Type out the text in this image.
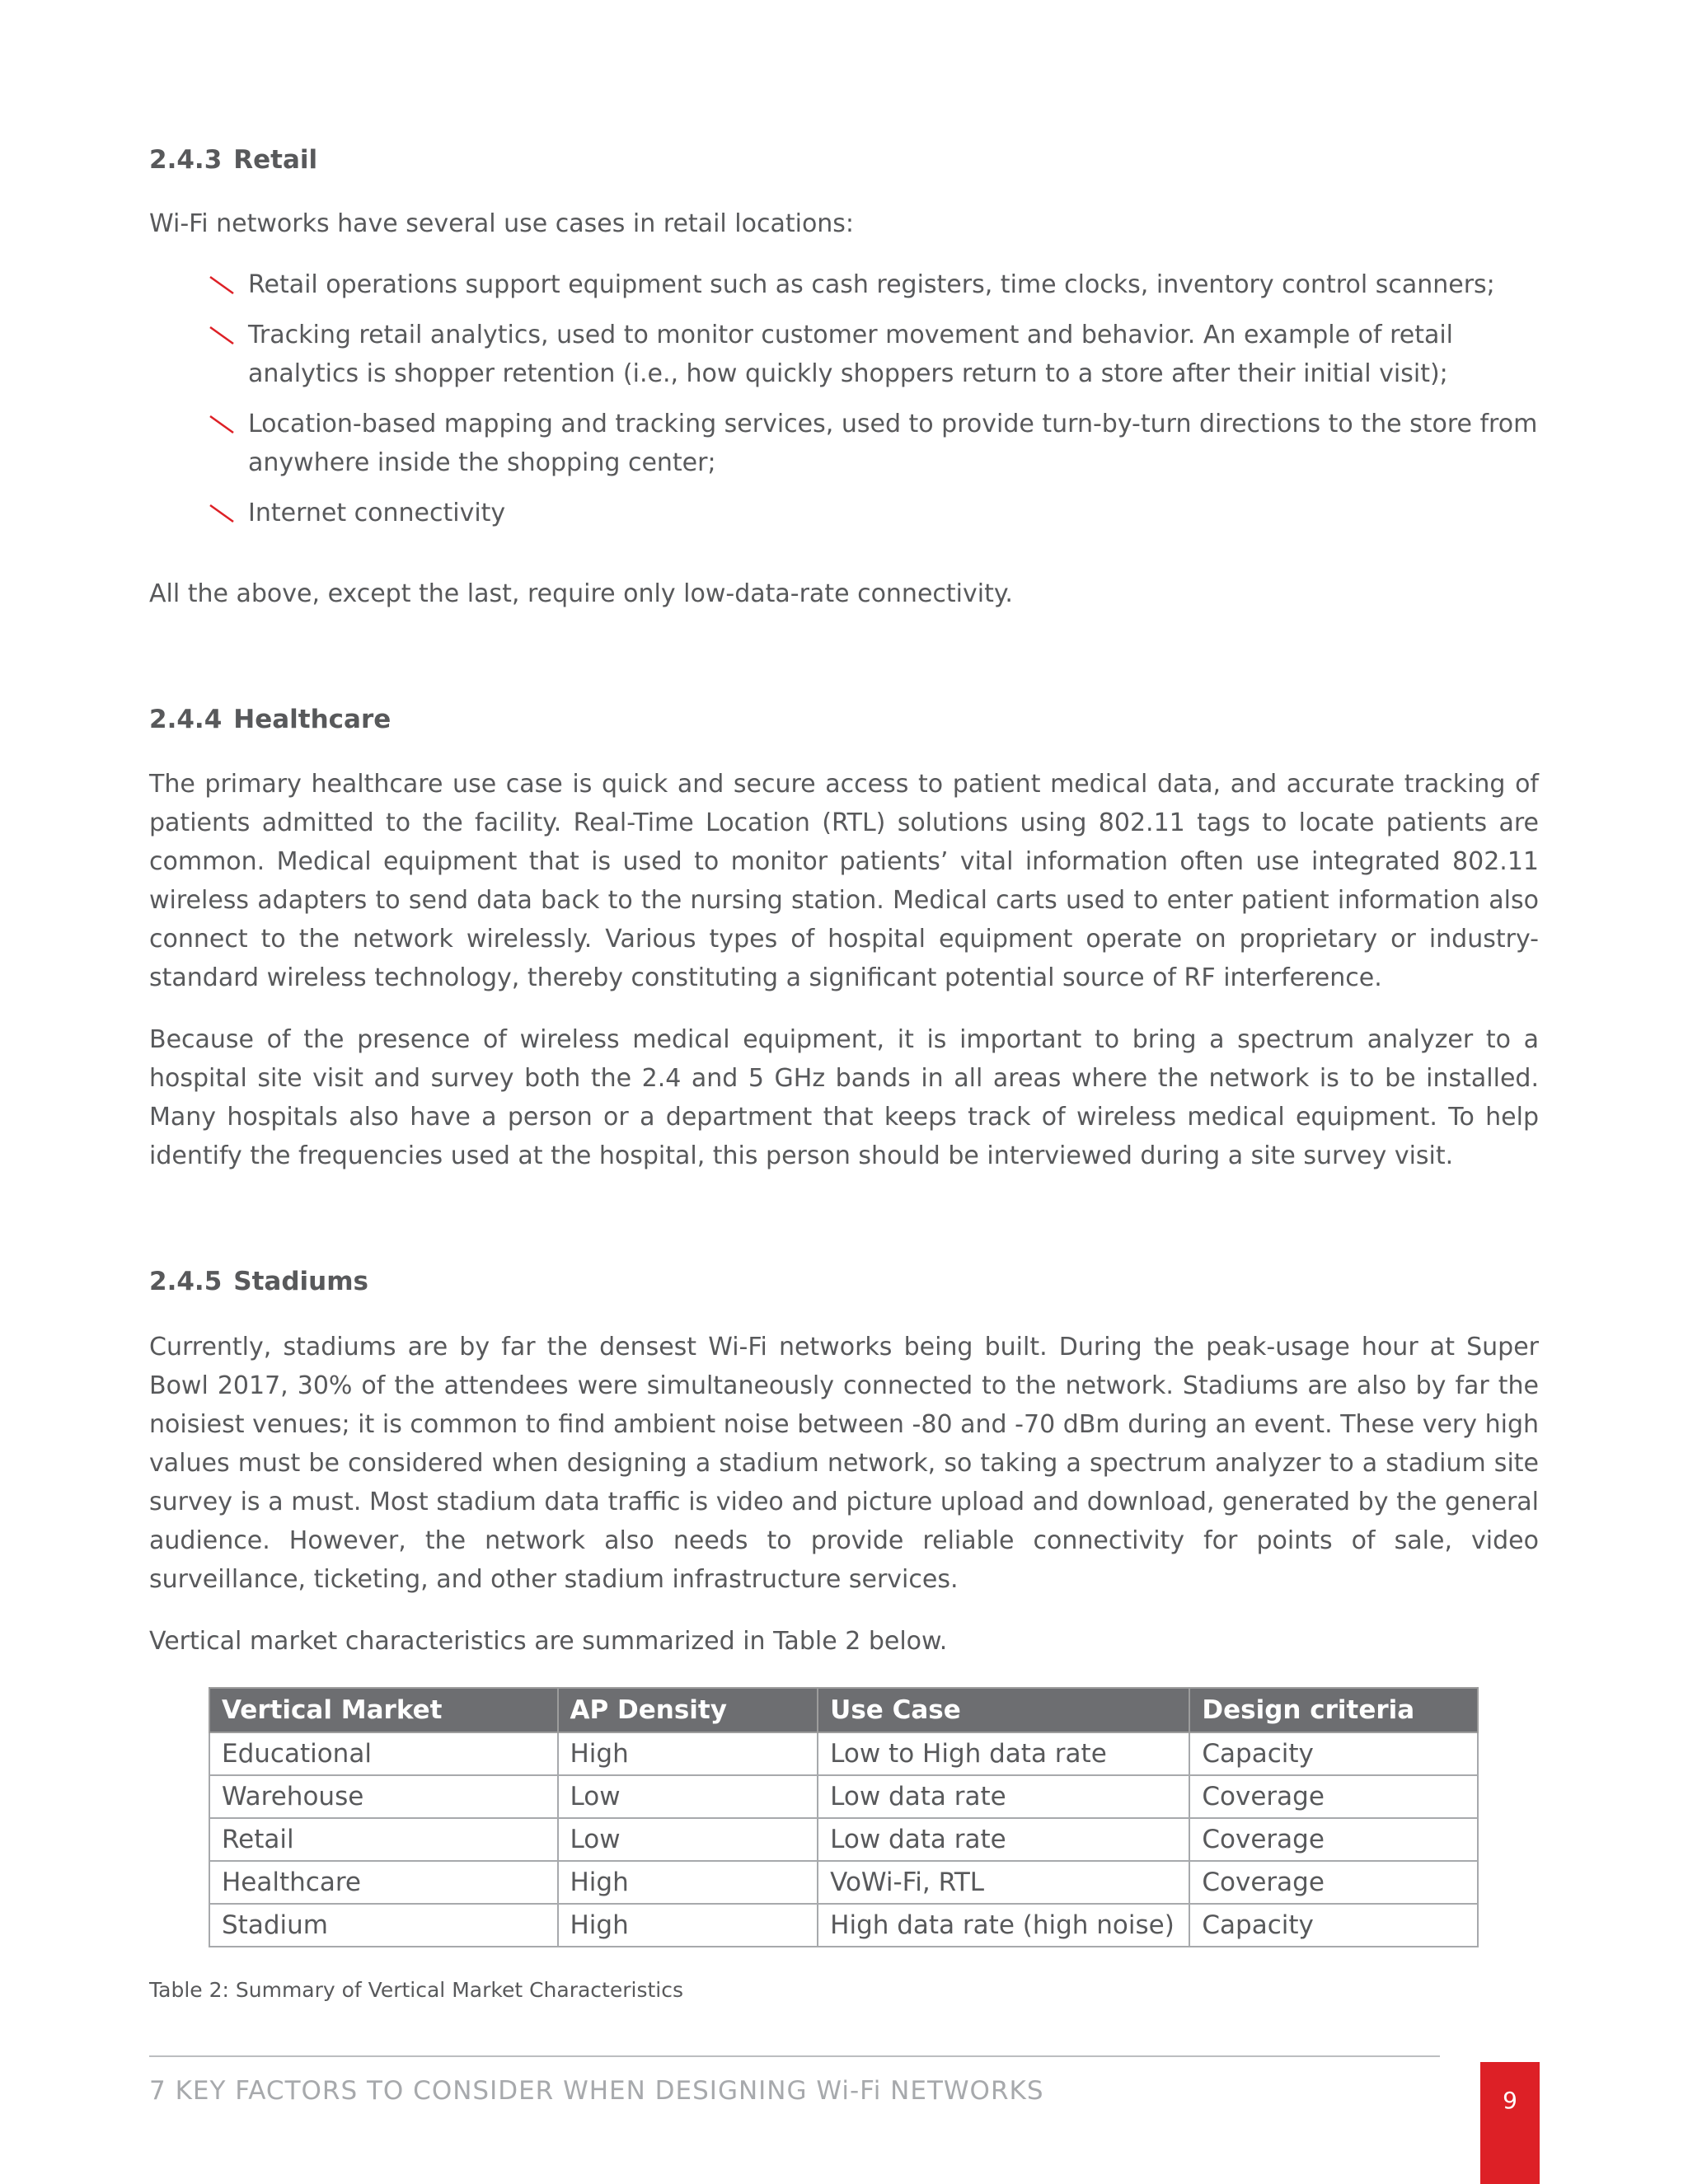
2.4.3 Retail

Wi-Fi networks have several use cases in retail locations:

Retail operations support equipment such as cash registers, time clocks, inventory control scanners;
Tracking retail analytics, used to monitor customer movement and behavior. An example of retail analytics is shopper retention (i.e., how quickly shoppers return to a store after their initial visit);
Location-based mapping and tracking services, used to provide turn-by-turn directions to the store from anywhere inside the shopping center;
Internet connectivity

All the above, except the last, require only low-data-rate connectivity.

2.4.4 Healthcare

The primary healthcare use case is quick and secure access to patient medical data, and accurate tracking of patients admitted to the facility. Real-Time Location (RTL) solutions using 802.11 tags to locate patients are common. Medical equipment that is used to monitor patients’ vital information often use integrated 802.11 wireless adapters to send data back to the nursing station. Medical carts used to enter patient information also connect to the network wirelessly. Various types of hospital equipment operate on proprietary or industry-standard wireless technology, thereby constituting a significant potential source of RF interference.

Because of the presence of wireless medical equipment, it is important to bring a spectrum analyzer to a hospital site visit and survey both the 2.4 and 5 GHz bands in all areas where the network is to be installed. Many hospitals also have a person or a department that keeps track of wireless medical equipment. To help identify the frequencies used at the hospital, this person should be interviewed during a site survey visit.

2.4.5 Stadiums

Currently, stadiums are by far the densest Wi-Fi networks being built. During the peak-usage hour at Super Bowl 2017, 30% of the attendees were simultaneously connected to the network. Stadiums are also by far the noisiest venues; it is common to find ambient noise between -80 and -70 dBm during an event. These very high values must be considered when designing a stadium network, so taking a spectrum analyzer to a stadium site survey is a must. Most stadium data traffic is video and picture upload and download, generated by the general audience. However, the network also needs to provide reliable connectivity for points of sale, video surveillance, ticketing, and other stadium infrastructure services.

Vertical market characteristics are summarized in Table 2 below.

Vertical Market	AP Density	Use Case	Design criteria
Educational	High	Low to High data rate	Capacity
Warehouse	Low	Low data rate	Coverage
Retail	Low	Low data rate	Coverage
Healthcare	High	VoWi-Fi, RTL	Coverage
Stadium	High	High data rate (high noise)	Capacity
Table 2: Summary of Vertical Market Characteristics
7 KEY FACTORS TO CONSIDER WHEN DESIGNING Wi-Fi NETWORKS	9
